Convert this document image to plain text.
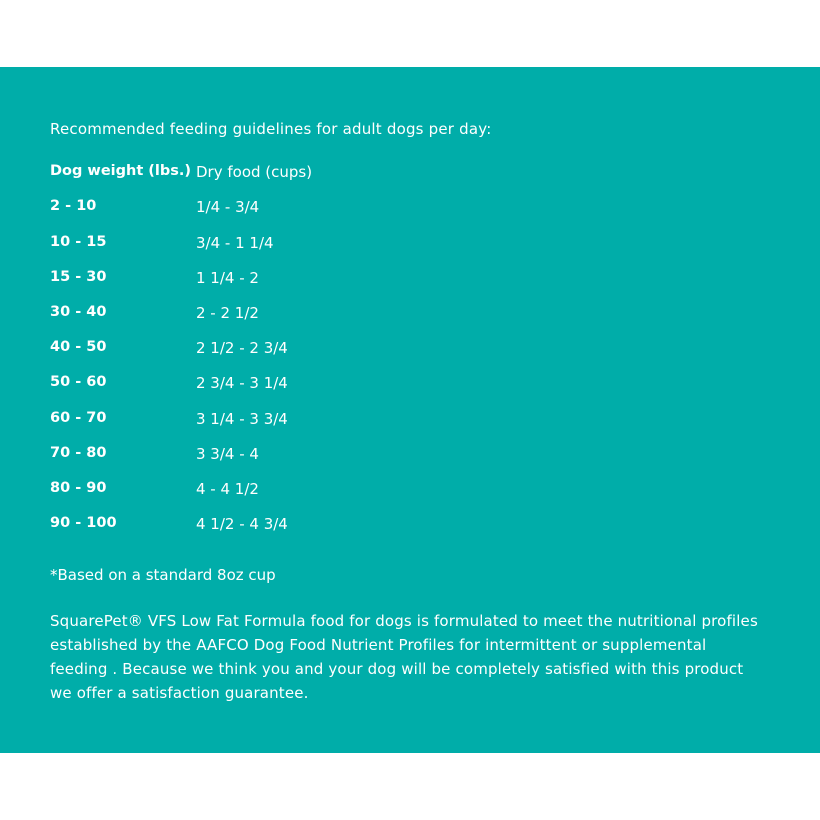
Recommended feeding guidelines for adult dogs per day:
Dog weight (lbs.) Dry food (cups)
2 - 10	1/4 - 3/4
10 - 15	3/4 - 1 1/4
15 - 30	1 1/4 - 2
30 - 40	2 - 2 1/2
40 - 50	2 1/2 - 2 3/4
50 - 60	2 3/4 - 3 1/4
60 - 70	3 1/4 - 3 3/4
70 - 80	3 3/4 - 4
80 - 90	4 - 4 1/2
90 - 100	4 1/2 - 4 3/4
*Based on a standard 8oz cup
SquarePet® VFS Low Fat Formula food for dogs is formulated to meet the nutritional profiles established by the AAFCO Dog Food Nutrient Profiles for intermittent or supplemental feeding . Because we think you and your dog will be completely satisfied with this product we offer a satisfaction guarantee.
